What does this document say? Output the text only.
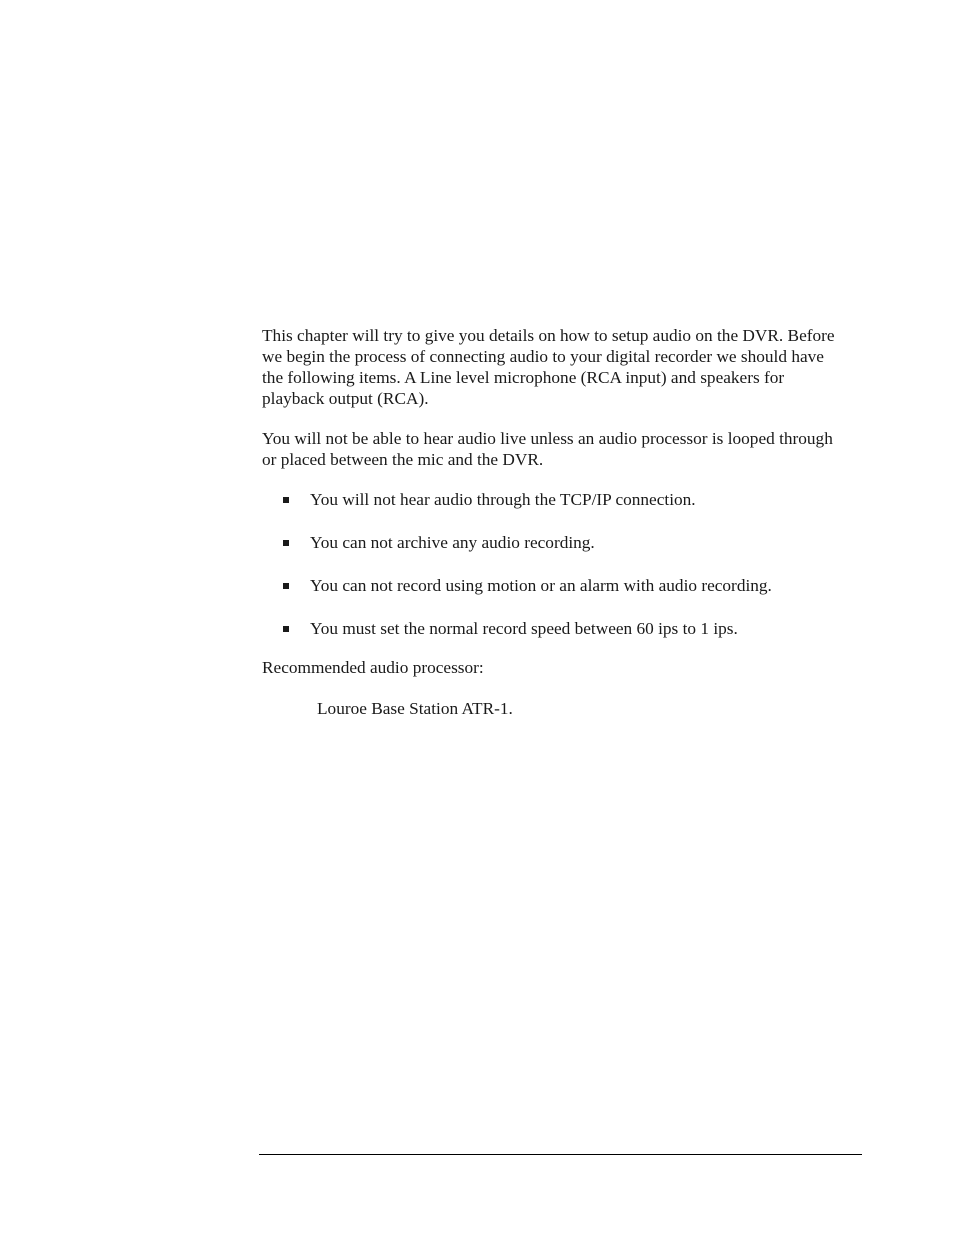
This chapter will try to give you details on how to setup audio on the DVR. Before we begin the process of connecting audio to your digital recorder we should have the following items. A Line level microphone (RCA input) and speakers for playback output (RCA).

You will not be able to hear audio live unless an audio processor is looped through or placed between the mic and the DVR.

You will not hear audio through the TCP/IP connection.
You can not archive any audio recording.
You can not record using motion or an alarm with audio recording.
You must set the normal record speed between 60 ips to 1 ips.

Recommended audio processor:

Louroe Base Station ATR-1.
